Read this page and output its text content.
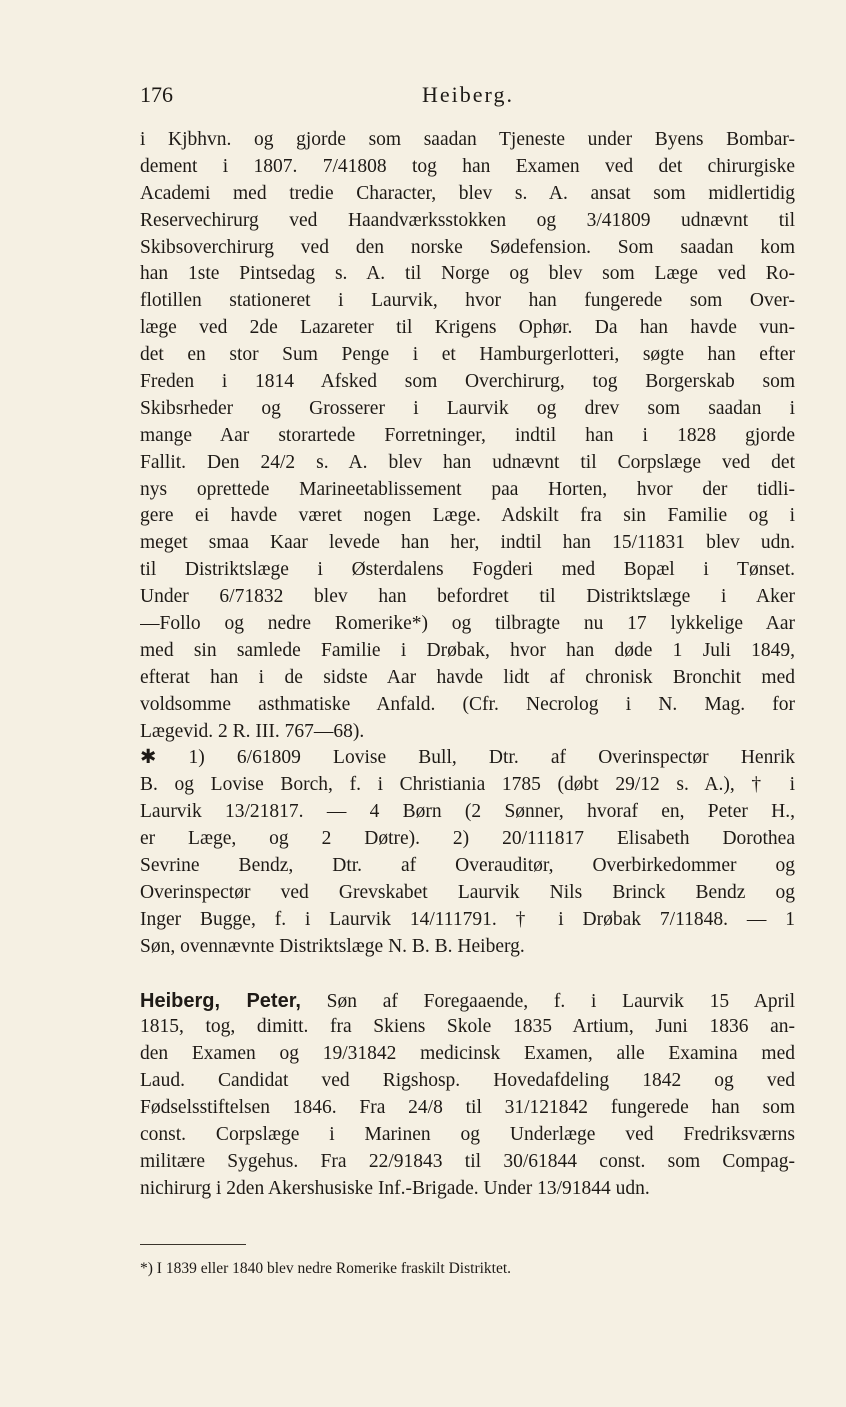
176	Heiberg.
i Kjbhvn. og gjorde som saadan Tjeneste under Byens Bombar-
dement i 1807. 7/41808 tog han Examen ved det chirurgiske
Academi med tredie Character, blev s. A. ansat som midlertidig
Reservechirurg ved Haandværksstokken og 3/41809 udnævnt til
Skibsoverchirurg ved den norske Sødefension. Som saadan kom
han 1ste Pintsedag s. A. til Norge og blev som Læge ved Ro-
flotillen stationeret i Laurvik, hvor han fungerede som Over-
læge ved 2de Lazareter til Krigens Ophør. Da han havde vun-
det en stor Sum Penge i et Hamburgerlotteri, søgte han efter
Freden i 1814 Afsked som Overchirurg, tog Borgerskab som
Skibsrheder og Grosserer i Laurvik og drev som saadan i
mange Aar storartede Forretninger, indtil han i 1828 gjorde
Fallit. Den 24/2 s. A. blev han udnævnt til Corpslæge ved det
nys oprettede Marineetablissement paa Horten, hvor der tidli-
gere ei havde været nogen Læge. Adskilt fra sin Familie og i
meget smaa Kaar levede han her, indtil han 15/11831 blev udn.
til Distriktslæge i Østerdalens Fogderi med Bopæl i Tønset.
Under 6/71832 blev han befordret til Distriktslæge i Aker
—Follo og nedre Romerike*) og tilbragte nu 17 lykkelige Aar
med sin samlede Familie i Drøbak, hvor han døde 1 Juli 1849,
efterat han i de sidste Aar havde lidt af chronisk Bronchit med
voldsomme asthmatiske Anfald. (Cfr. Necrolog i N. Mag. for
Lægevid. 2 R. III. 767—68).
✱ 1) 6/61809 Lovise Bull, Dtr. af Overinspectør Henrik
B. og Lovise Borch, f. i Christiania 1785 (døbt 29/12 s. A.), † i
Laurvik 13/21817. — 4 Børn (2 Sønner, hvoraf en, Peter H.,
er Læge, og 2 Døtre). 2) 20/111817 Elisabeth Dorothea
Sevrine Bendz, Dtr. af Overauditør, Overbirkedommer og
Overinspectør ved Grevskabet Laurvik Nils Brinck Bendz og
Inger Bugge, f. i Laurvik 14/111791. † i Drøbak 7/11848. — 1
Søn, ovennævnte Distriktslæge N. B. B. Heiberg.
Heiberg, Peter, Søn af Foregaaende, f. i Laurvik 15 April
1815, tog, dimitt. fra Skiens Skole 1835 Artium, Juni 1836 an-
den Examen og 19/31842 medicinsk Examen, alle Examina med
Laud. Candidat ved Rigshosp. Hovedafdeling 1842 og ved
Fødselsstiftelsen 1846. Fra 24/8 til 31/121842 fungerede han som
const. Corpslæge i Marinen og Underlæge ved Fredriksværns
militære Sygehus. Fra 22/91843 til 30/61844 const. som Compag-
nichirurg i 2den Akershusiske Inf.-Brigade. Under 13/91844 udn.
*) I 1839 eller 1840 blev nedre Romerike fraskilt Distriktet.
